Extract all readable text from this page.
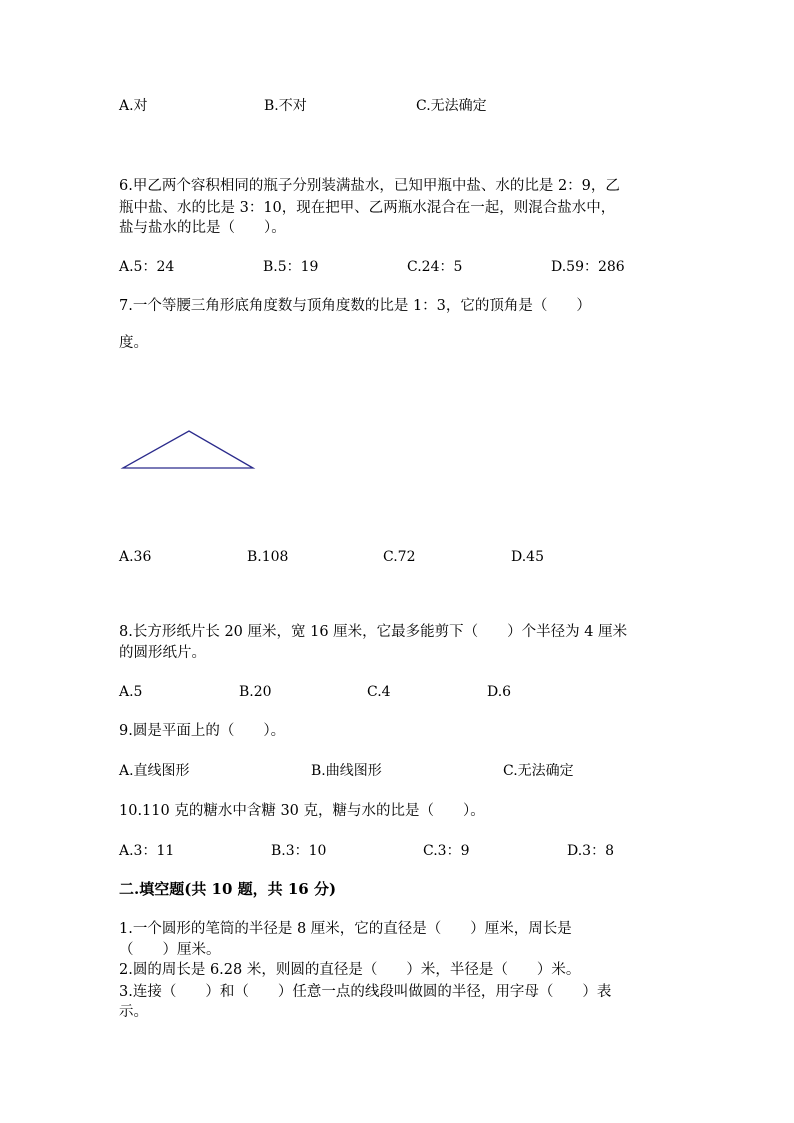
A.对	B.不对	C.无法确定
6.甲乙两个容积相同的瓶子分别装满盐水，已知甲瓶中盐、水的比是 2：9，乙
瓶中盐、水的比是 3：10，现在把甲、乙两瓶水混合在一起，则混合盐水中，
盐与盐水的比是（　　）。
A.5：24	B.5：19	C.24：5	D.59：286
7.一个等腰三角形底角度数与顶角度数的比是 1：3，它的顶角是（　　）
度。
A.36	B.108	C.72	D.45
8.长方形纸片长 20 厘米，宽 16 厘米，它最多能剪下（　　）个半径为 4 厘米
的圆形纸片。
A.5	B.20	C.4	D.6
9.圆是平面上的（　　）。
A.直线图形	B.曲线图形	C.无法确定
10.110 克的糖水中含糖 30 克，糖与水的比是（　　）。
A.3：11	B.3：10	C.3：9	D.3：8
二.填空题(共 10 题，共 16 分)
1.一个圆形的笔筒的半径是 8 厘米，它的直径是（　　）厘米，周长是
（　　）厘米。
2.圆的周长是 6.28 米，则圆的直径是（　　）米，半径是（　　）米。
3.连接（　　）和（　　）任意一点的线段叫做圆的半径，用字母（　　）表
示。
